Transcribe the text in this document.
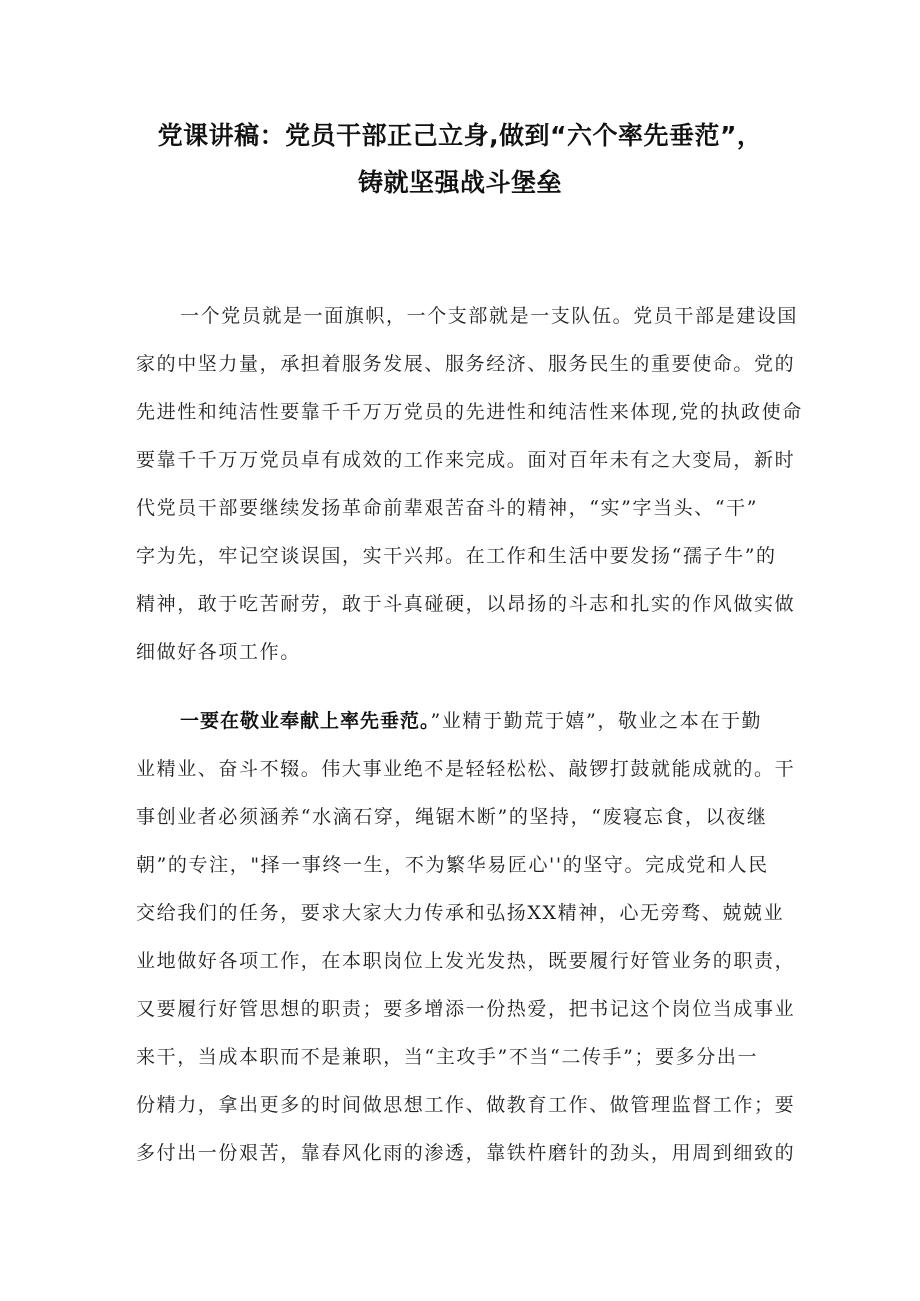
党课讲稿：党员干部正己立身,做到“六个率先垂范”，
铸就坚强战斗堡垒
一个党员就是一面旗帜，一个支部就是一支队伍。党员干部是建设国
家的中坚力量，承担着服务发展、服务经济、服务民生的重要使命。党的
先进性和纯洁性要靠千千万万党员的先进性和纯洁性来体现,党的执政使命
要靠千千万万党员卓有成效的工作来完成。面对百年未有之大变局，新时
代党员干部要继续发扬革命前辈艰苦奋斗的精神，“实”字当头、“干”
字为先，牢记空谈误国，实干兴邦。在工作和生活中要发扬“孺子牛”的
精神，敢于吃苦耐劳，敢于斗真碰硬，以昂扬的斗志和扎实的作风做实做
细做好各项工作。
一要在敬业奉献上率先垂范。”业精于勤荒于嬉”，敬业之本在于勤
业精业、奋斗不辍。伟大事业绝不是轻轻松松、敲锣打鼓就能成就的。干
事创业者必须涵养“水滴石穿，绳锯木断”的坚持，“废寝忘食，以夜继
朝”的专注，"择一事终一生，不为繁华易匠心''的坚守。完成党和人民
交给我们的任务，要求大家大力传承和弘扬XX精神，心无旁骛、兢兢业
业地做好各项工作，在本职岗位上发光发热，既要履行好管业务的职责，
又要履行好管思想的职责；要多增添一份热爱，把书记这个岗位当成事业
来干，当成本职而不是兼职，当“主攻手”不当“二传手”；要多分出一
份精力，拿出更多的时间做思想工作、做教育工作、做管理监督工作；要
多付出一份艰苦，靠春风化雨的渗透，靠铁杵磨针的劲头，用周到细致的
